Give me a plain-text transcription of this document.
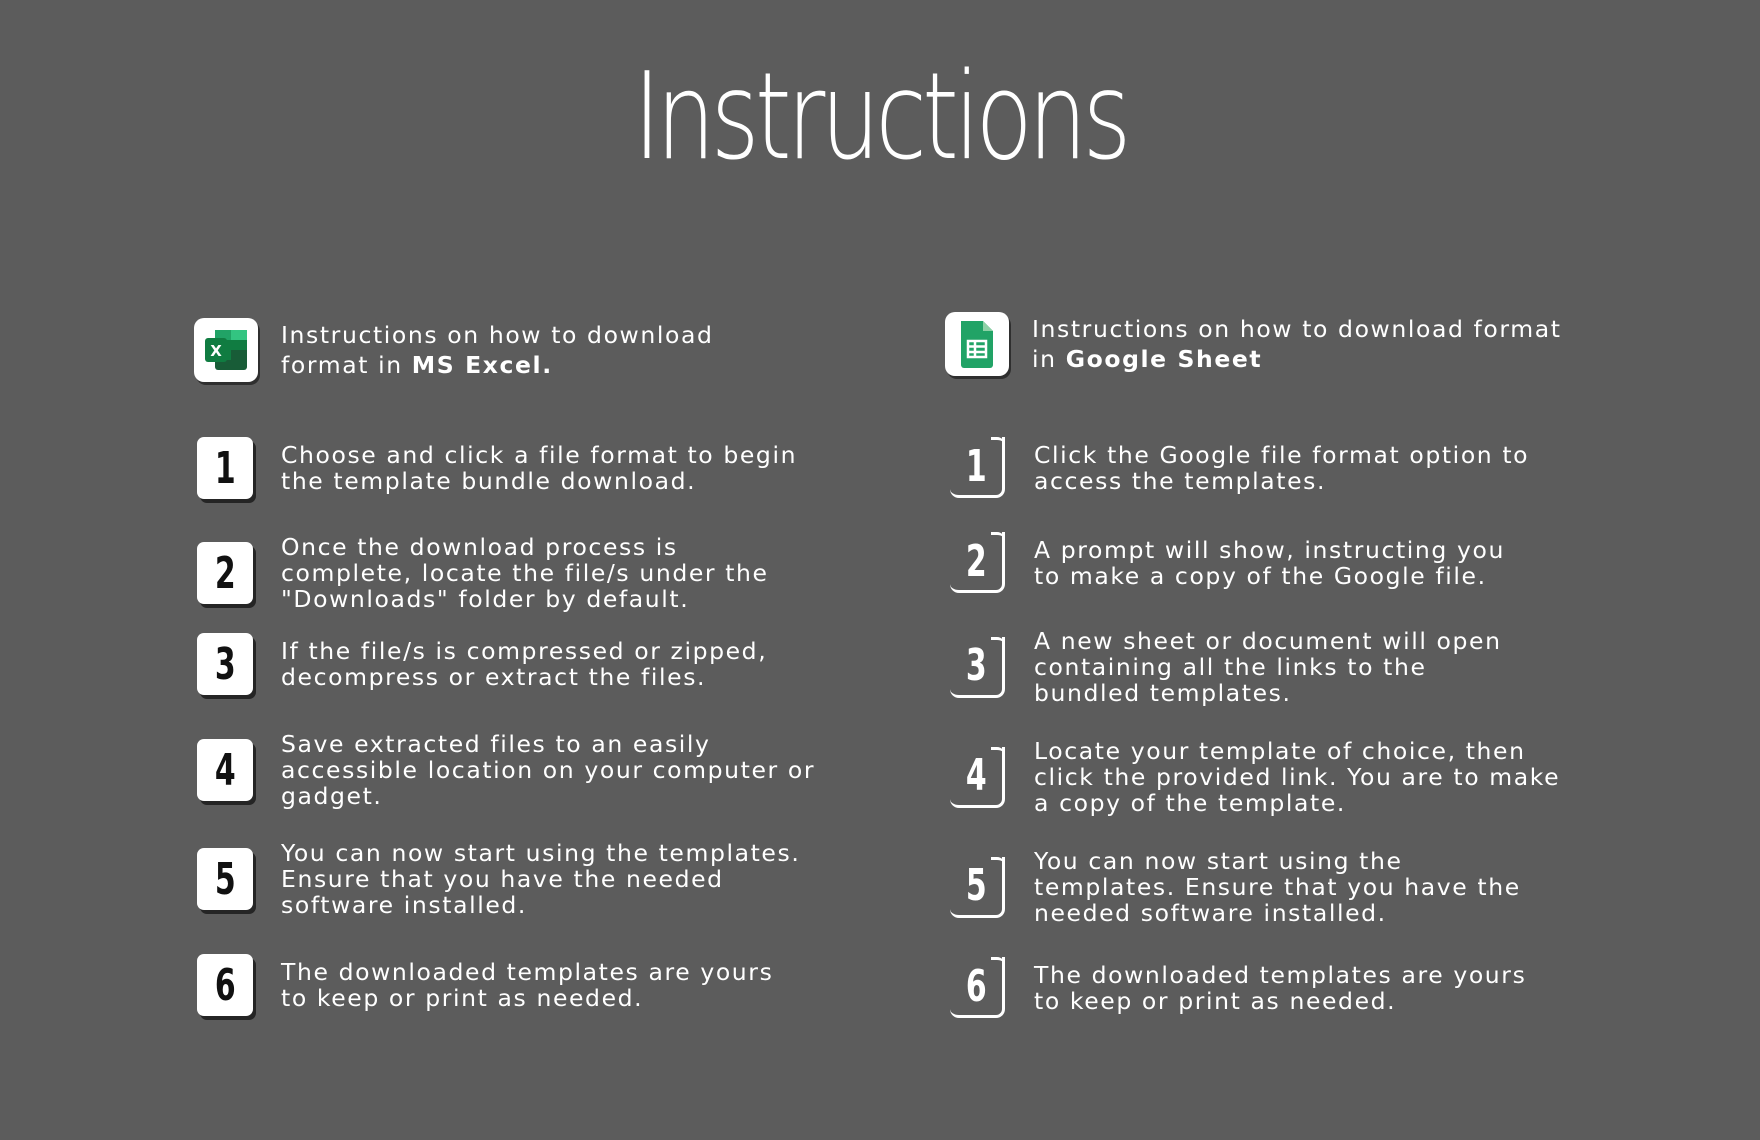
Instructions
X
Instructions on how to download
format in MS Excel.
1 Choose and click a file format to begin
the template bundle download.
2
Once the download process is
complete, locate the file/s under the
"Downloads" folder by default.
3 If the file/s is compressed or zipped,
decompress or extract the files.
4
Save extracted files to an easily
accessible location on your computer or
gadget.
5
You can now start using the templates.
Ensure that you have the needed
software installed.
6 The downloaded templates are yours
to keep or print as needed.
Instructions on how to download format
in Google Sheet
1 Click the Google file format option to
access the templates.
2 A prompt will show, instructing you
to make a copy of the Google file.
3 A new sheet or document will open
containing all the links to the
bundled templates.
4 Locate your template of choice, then
click the provided link. You are to make
a copy of the template.
5 You can now start using the
templates. Ensure that you have the
needed software installed.
6 The downloaded templates are yours
to keep or print as needed.
